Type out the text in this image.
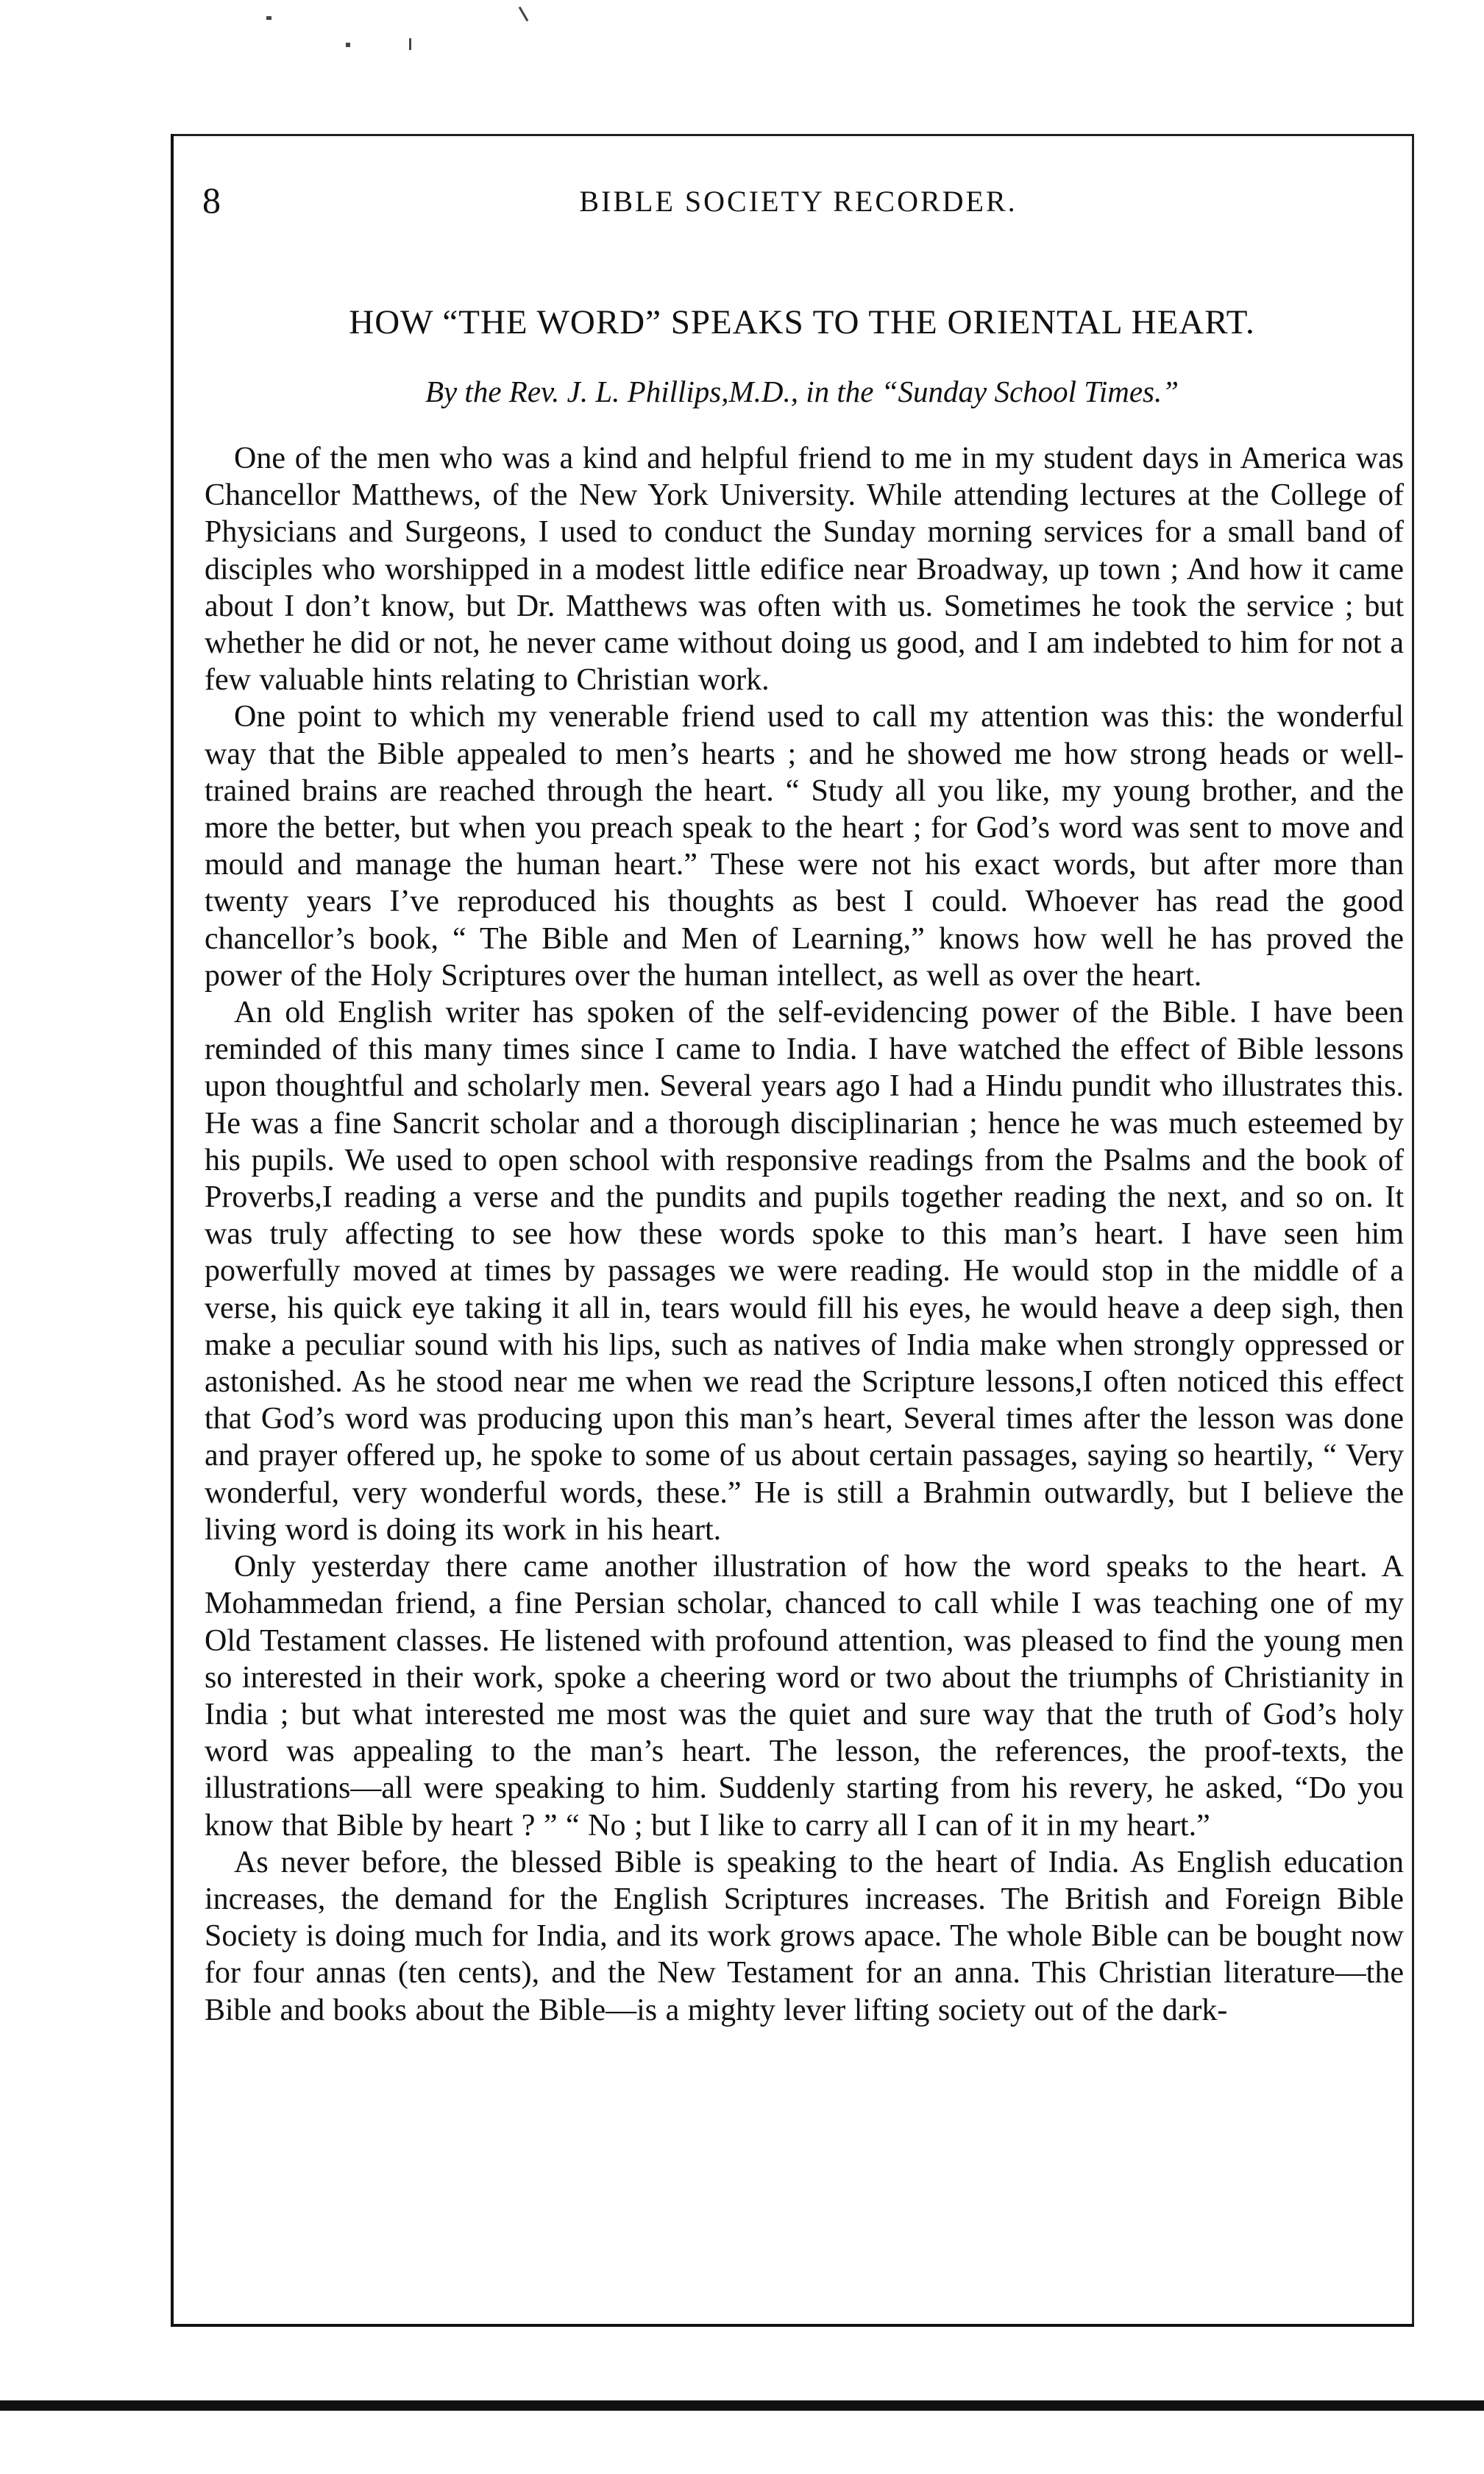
8	BIBLE SOCIETY RECORDER.
HOW “THE WORD” SPEAKS TO THE ORIENTAL HEART.
By the Rev. J. L. Phillips,M.D., in the “Sunday School Times.”

One of the men who was a kind and helpful friend to me in my student days in America was Chancellor Matthews, of the New York University. While attending lectures at the College of Physicians and Surgeons, I used to conduct the Sunday morning services for a small band of disciples who worshipped in a modest little edifice near Broadway, up town ; And how it came about I don’t know, but Dr. Matthews was often with us. Sometimes he took the service ; but whether he did or not, he never came without doing us good, and I am indebted to him for not a few valuable hints relating to Christian work.

One point to which my venerable friend used to call my attention was this: the wonderful way that the Bible appealed to men’s hearts ; and he showed me how strong heads or well-trained brains are reached through the heart. “ Study all you like, my young brother, and the more the better, but when you preach speak to the heart ; for God’s word was sent to move and mould and manage the human heart.” These were not his exact words, but after more than twenty years I’ve reproduced his thoughts as best I could. Whoever has read the good chancellor’s book, “ The Bible and Men of Learning,” knows how well he has proved the power of the Holy Scriptures over the human intellect, as well as over the heart.

An old English writer has spoken of the self-evidencing power of the Bible. I have been reminded of this many times since I came to India. I have watched the effect of Bible lessons upon thoughtful and scholarly men. Several years ago I had a Hindu pundit who illustrates this. He was a fine Sancrit scholar and a thorough disciplinarian ; hence he was much esteemed by his pupils. We used to open school with responsive readings from the Psalms and the book of Proverbs,I reading a verse and the pundits and pupils together reading the next, and so on. It was truly affecting to see how these words spoke to this man’s heart. I have seen him powerfully moved at times by passages we were reading. He would stop in the middle of a verse, his quick eye taking it all in, tears would fill his eyes, he would heave a deep sigh, then make a peculiar sound with his lips, such as natives of India make when strongly oppressed or astonished. As he stood near me when we read the Scripture lessons,I often noticed this effect that God’s word was producing upon this man’s heart, Several times after the lesson was done and prayer offered up, he spoke to some of us about certain passages, saying so heartily, “ Very wonderful, very wonderful words, these.” He is still a Brahmin outwardly, but I believe the living word is doing its work in his heart.

Only yesterday there came another illustration of how the word speaks to the heart. A Mohammedan friend, a fine Persian scholar, chanced to call while I was teaching one of my Old Testament classes. He listened with profound attention, was pleased to find the young men so interested in their work, spoke a cheering word or two about the triumphs of Christianity in India ; but what interested me most was the quiet and sure way that the truth of God’s holy word was appealing to the man’s heart. The lesson, the references, the proof-texts, the illustrations—all were speaking to him. Suddenly starting from his revery, he asked, “Do you know that Bible by heart ? ” “ No ; but I like to carry all I can of it in my heart.”

As never before, the blessed Bible is speaking to the heart of India. As English education increases, the demand for the English Scriptures increases. The British and Foreign Bible Society is doing much for India, and its work grows apace. The whole Bible can be bought now for four annas (ten cents), and the New Testament for an anna. This Christian literature—the Bible and books about the Bible—is a mighty lever lifting society out of the dark-
